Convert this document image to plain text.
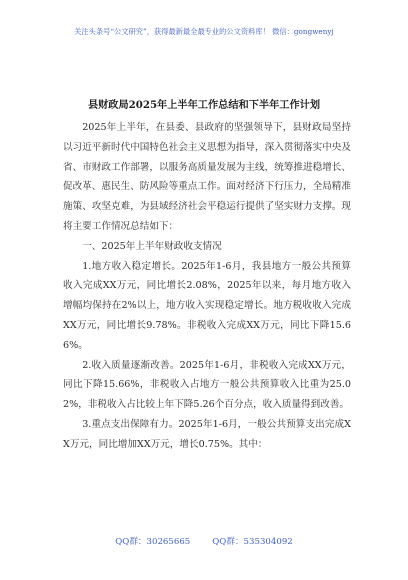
关注头条号“公文研究”，获得最新最全最专业的公文资料库！ 微信：gongwenyj
县财政局2025年上半年工作总结和下半年工作计划

2025年上半年，在县委、县政府的坚强领导下，县财政局坚持以习近平新时代中国特色社会主义思想为指导，深入贯彻落实中央及省、市财政工作部署，以服务高质量发展为主线，统筹推进稳增长、促改革、惠民生、防风险等重点工作。面对经济下行压力，全局精准施策、攻坚克难，为县域经济社会平稳运行提供了坚实财力支撑。现将主要工作情况总结如下：

一、2025年上半年财政收支情况

1.地方收入稳定增长。2025年1-6月，我县地方一般公共预算收入完成XX万元，同比增长2.08%，2025年以来，每月地方收入增幅均保持在2%以上，地方收入实现稳定增长。地方税收收入完成XX万元，同比增长9.78%。非税收入完成XX万元，同比下降15.66%。

2.收入质量逐渐改善。2025年1-6月，非税收入完成XX万元，同比下降15.66%，非税收入占地方一般公共预算收入比重为25.02%，非税收入占比较上年下降5.26个百分点，收入质量得到改善。

3.重点支出保障有力。2025年1-6月，一般公共预算支出完成XX万元，同比增加XX万元，增长0.75%。其中：

QQ群：30265665	QQ群：535304092
